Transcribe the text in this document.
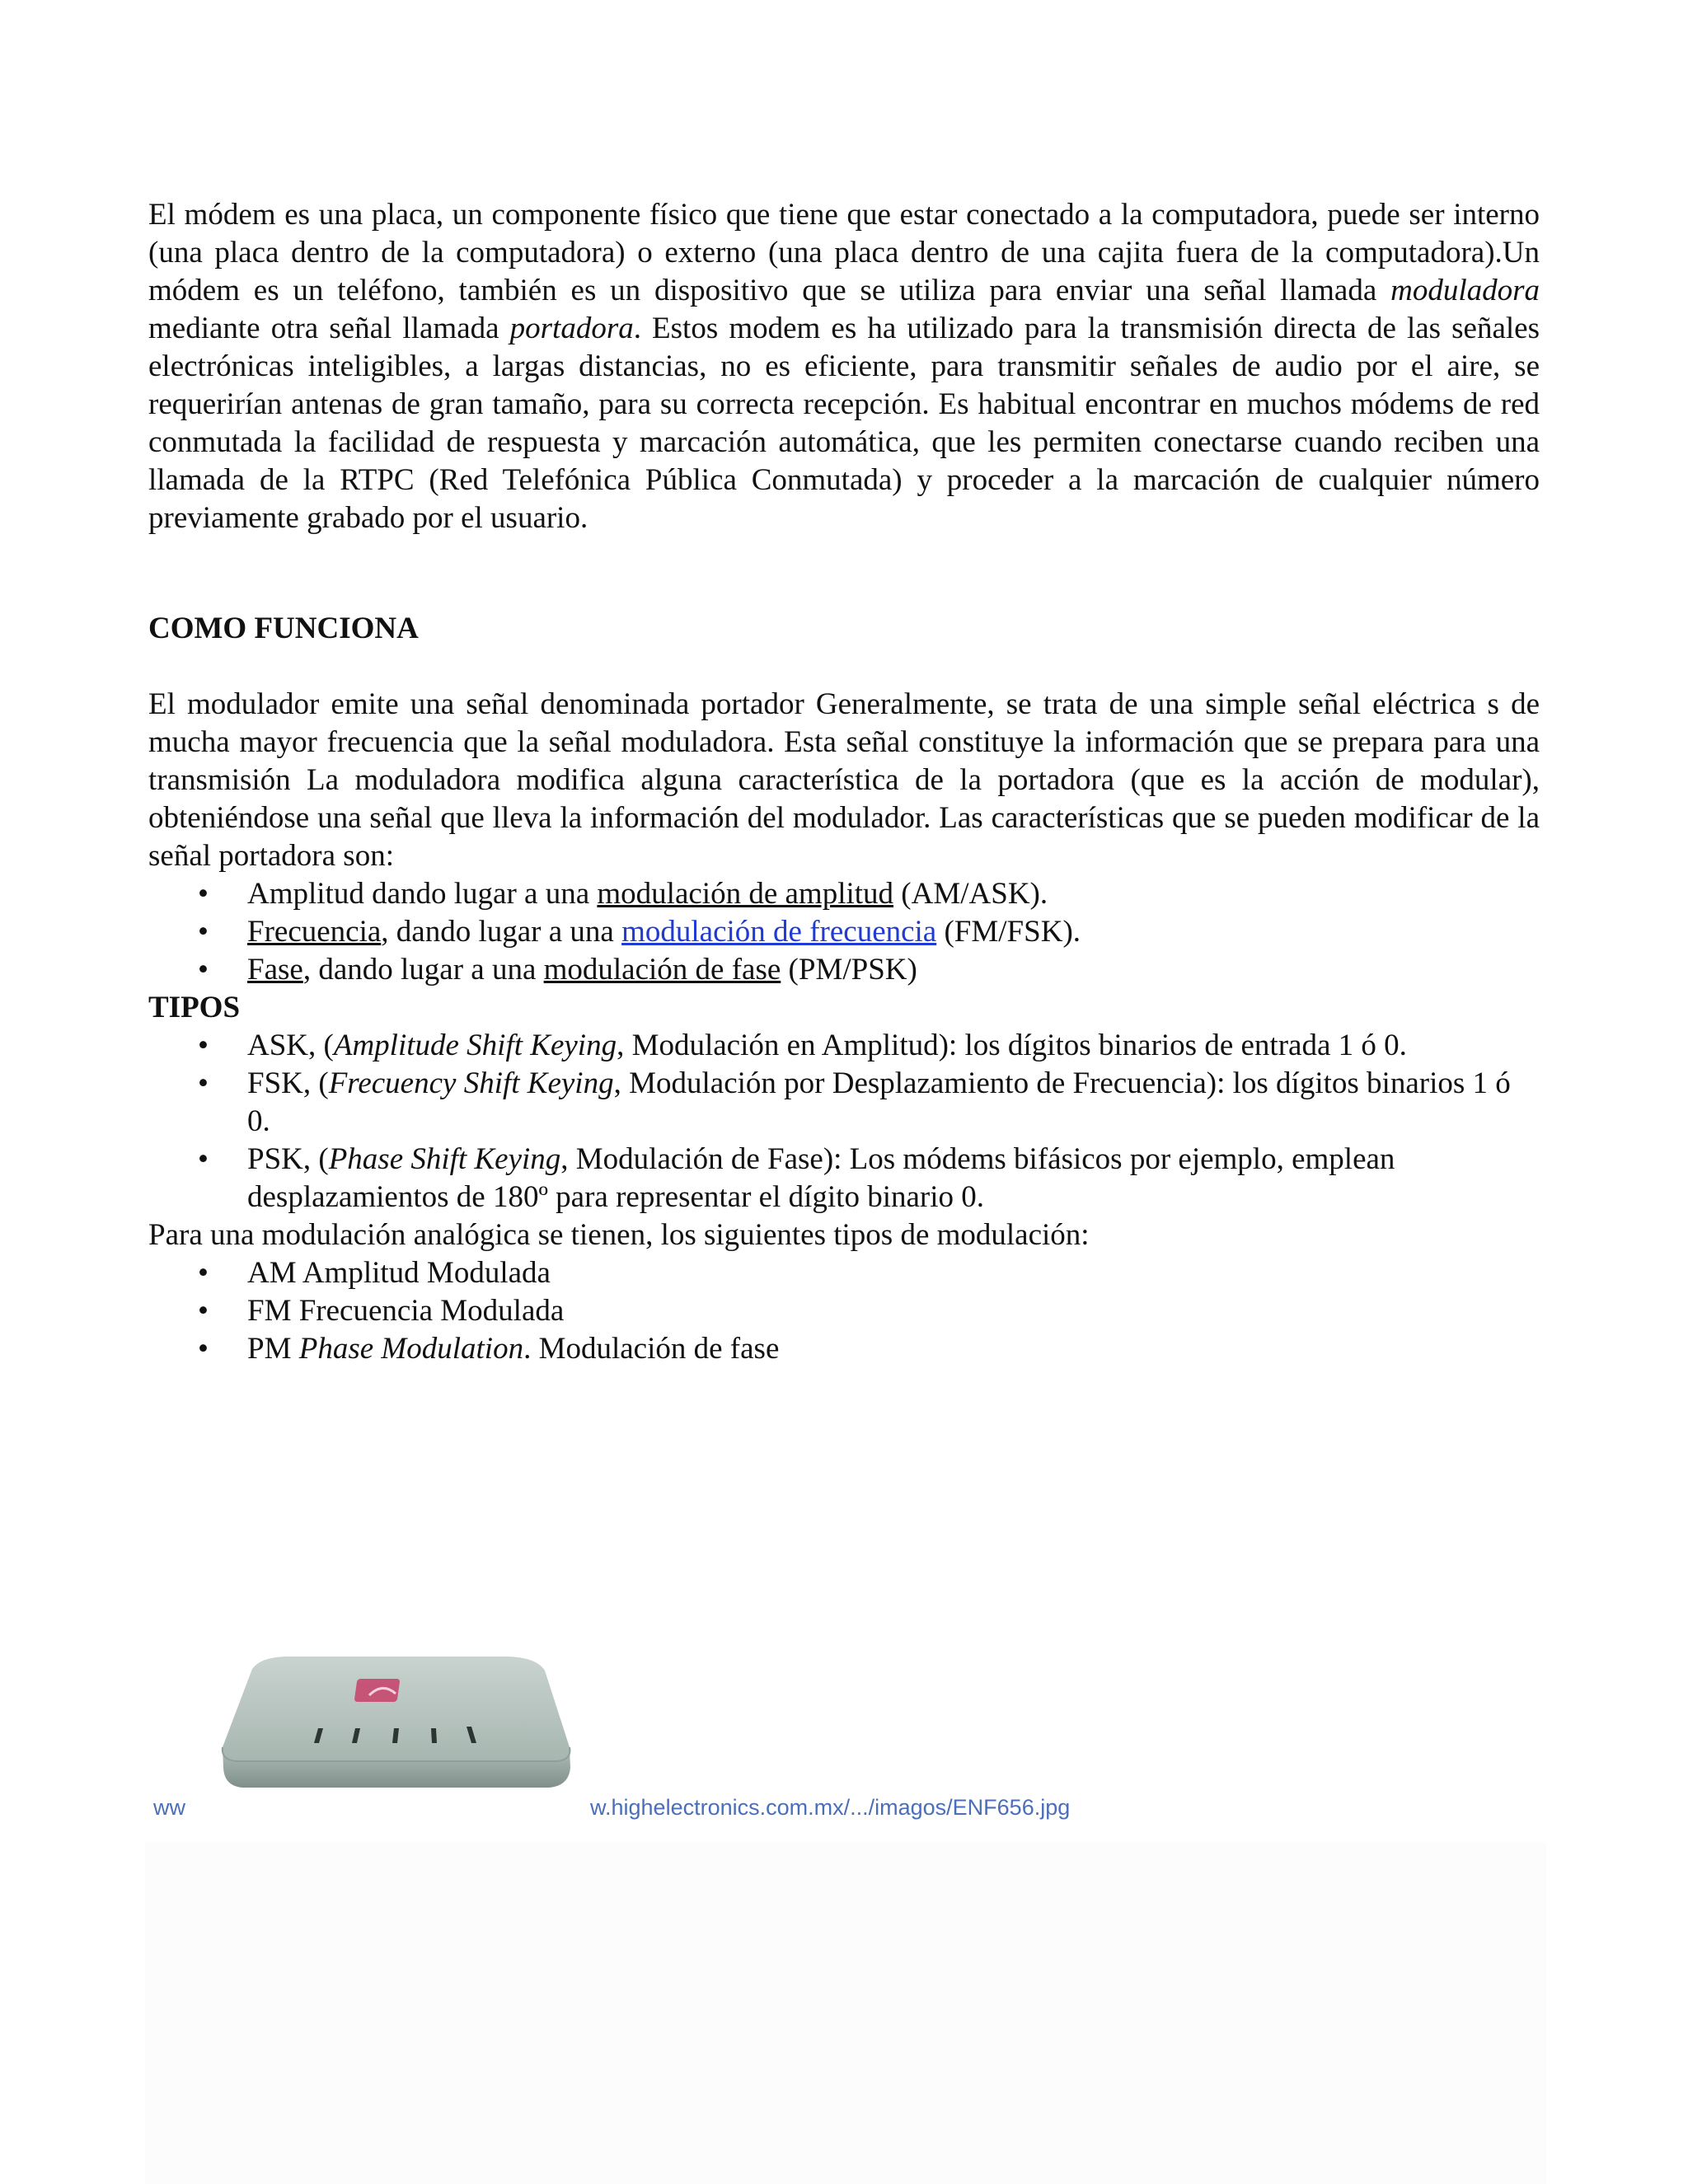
El módem es una placa, un componente físico que tiene que estar conectado a la computadora, puede ser interno (una placa dentro de la computadora) o externo (una placa dentro de una cajita fuera de la computadora).Un módem es un teléfono, también es un dispositivo que se utiliza para enviar una señal llamada moduladora mediante otra señal llamada portadora. Estos modem es ha utilizado para la transmisión directa de las señales electrónicas inteligibles, a largas distancias, no es eficiente, para transmitir señales de audio por el aire, se requerirían antenas de gran tamaño, para su correcta recepción. Es habitual encontrar en muchos módems de red conmutada la facilidad de respuesta y marcación automática, que les permiten conectarse cuando reciben una llamada de la RTPC (Red Telefónica Pública Conmutada) y proceder a la marcación de cualquier número previamente grabado por el usuario.

COMO FUNCIONA

El modulador emite una señal denominada portador Generalmente, se trata de una simple señal eléctrica s de mucha mayor frecuencia que la señal moduladora. Esta señal constituye la información que se prepara para una transmisión La moduladora modifica alguna característica de la portadora (que es la acción de modular), obteniéndose una señal que lleva la información del modulador. Las características que se pueden modificar de la señal portadora son:

• Amplitud dando lugar a una modulación de amplitud (AM/ASK).
• Frecuencia, dando lugar a una modulación de frecuencia (FM/FSK).
• Fase, dando lugar a una modulación de fase (PM/PSK)

TIPOS

• ASK, (Amplitude Shift Keying, Modulación en Amplitud): los dígitos binarios de entrada 1 ó 0.
• FSK, (Frecuency Shift Keying, Modulación por Desplazamiento de Frecuencia): los dígitos binarios 1 ó 0.
• PSK, (Phase Shift Keying, Modulación de Fase): Los módems bifásicos por ejemplo, emplean desplazamientos de 180º para representar el dígito binario 0.

Para una modulación analógica se tienen, los siguientes tipos de modulación:

• AM Amplitud Modulada
• FM Frecuencia Modulada
• PM Phase Modulation. Modulación de fase
ww	w.highelectronics.com.mx/.../imagos/ENF656.jpg
